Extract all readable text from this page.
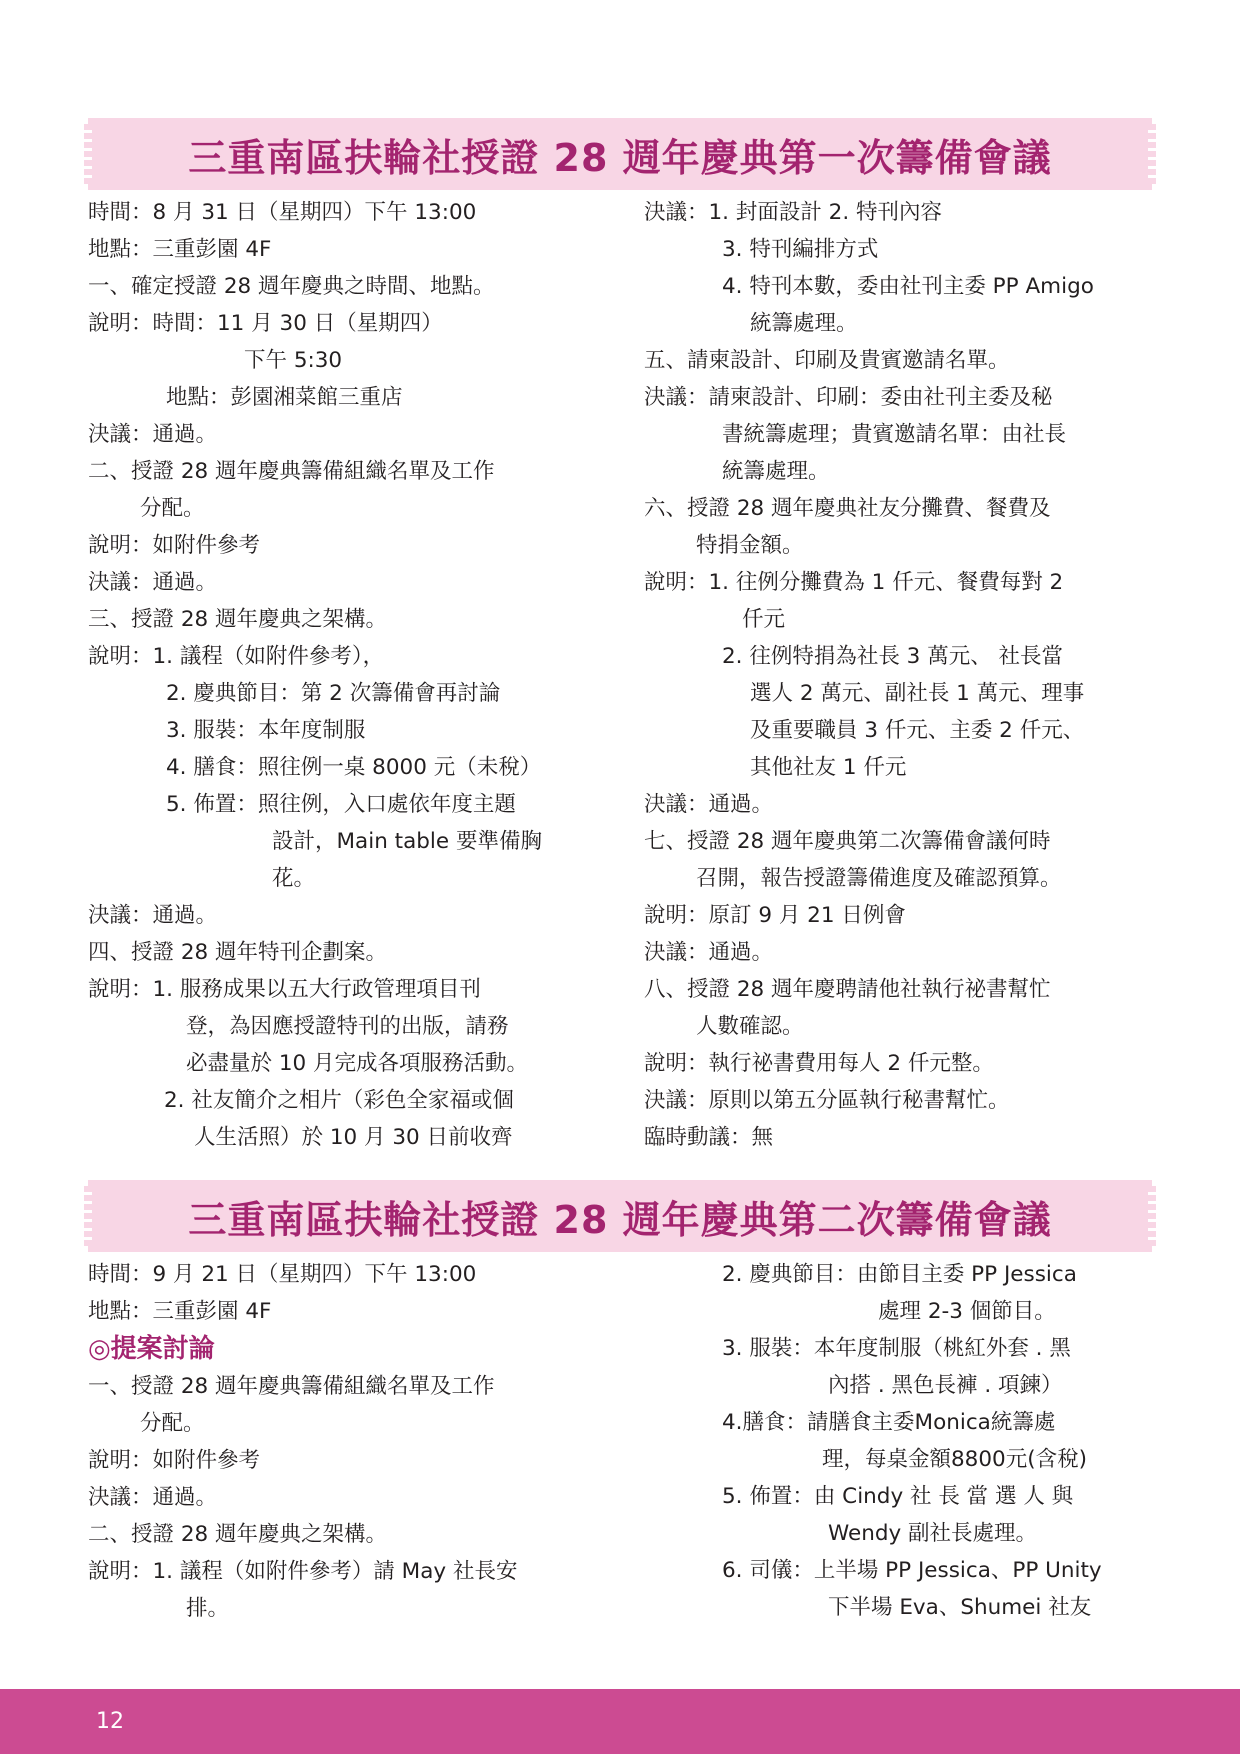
三重南區扶輪社授證 28 週年慶典第一次籌備會議
時間：8 月 31 日（星期四）下午 13:00
地點：三重彭園 4F
一、確定授證 28 週年慶典之時間、地點。
說明：時間：11 月 30 日（星期四）
下午 5:30
地點：彭園湘菜館三重店
決議：通過。
二、授證 28 週年慶典籌備組織名單及工作
分配。
說明：如附件參考
決議：通過。
三、授證 28 週年慶典之架構。
說明：1. 議程（如附件參考），
2. 慶典節目：第 2 次籌備會再討論
3. 服裝：本年度制服
4. 膳食：照往例一桌 8000 元（未稅）
5. 佈置：照往例，入口處依年度主題
設計，Main table 要準備胸
花。
決議：通過。
四、授證 28 週年特刊企劃案。
說明：1. 服務成果以五大行政管理項目刊
登，為因應授證特刊的出版，請務
必盡量於 10 月完成各項服務活動。
2. 社友簡介之相片（彩色全家福或個
人生活照）於 10 月 30 日前收齊
決議：1. 封面設計 2. 特刊內容
3. 特刊編排方式
4. 特刊本數，委由社刊主委 PP Amigo
統籌處理。
五、請柬設計、印刷及貴賓邀請名單。
決議：請柬設計、印刷：委由社刊主委及秘
書統籌處理；貴賓邀請名單：由社長
統籌處理。
六、授證 28 週年慶典社友分攤費、餐費及
特捐金額。
說明：1. 往例分攤費為 1 仟元、餐費每對 2
仟元
2. 往例特捐為社長 3 萬元、 社長當
選人 2 萬元、副社長 1 萬元、理事
及重要職員 3 仟元、主委 2 仟元、
其他社友 1 仟元
決議：通過。
七、授證 28 週年慶典第二次籌備會議何時
召開，報告授證籌備進度及確認預算。
說明：原訂 9 月 21 日例會
決議：通過。
八、授證 28 週年慶聘請他社執行祕書幫忙
人數確認。
說明：執行祕書費用每人 2 仟元整。
決議：原則以第五分區執行秘書幫忙。
臨時動議：無
三重南區扶輪社授證 28 週年慶典第二次籌備會議
時間：9 月 21 日（星期四）下午 13:00
地點：三重彭園 4F
◎提案討論
一、授證 28 週年慶典籌備組織名單及工作
分配。
說明：如附件參考
決議：通過。
二、授證 28 週年慶典之架構。
說明：1. 議程（如附件參考）請 May 社長安
排。
2. 慶典節目：由節目主委 PP Jessica
處理 2-3 個節目。
3. 服裝：本年度制服（桃紅外套 . 黑
內搭 . 黑色長褲 . 項鍊）
4.膳食：請膳食主委Monica統籌處
理，每桌金額8800元(含稅)
5. 佈置：由 Cindy 社 長 當 選 人 與
Wendy 副社長處理。
6. 司儀：上半場 PP Jessica、PP Unity
下半場 Eva、Shumei 社友
12
